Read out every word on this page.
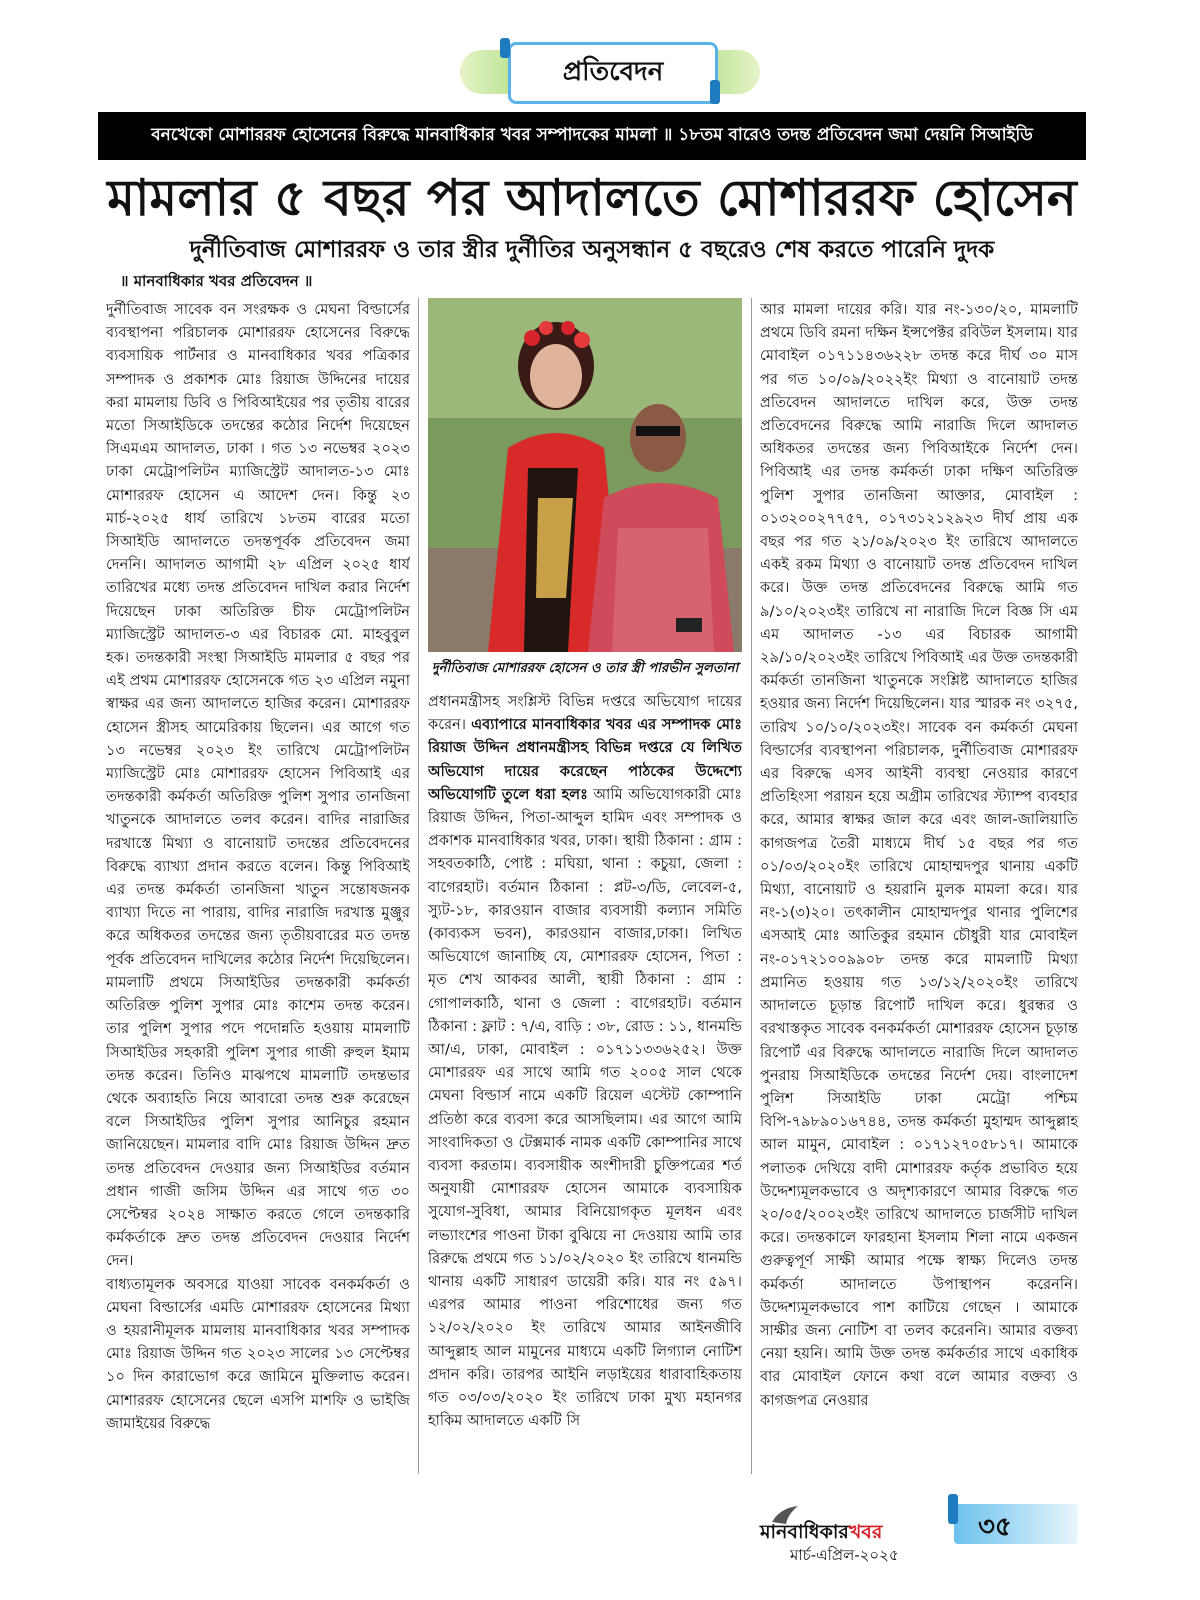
প্রতিবেদন
বনখেকো মোশাররফ হোসেনের বিরুদ্ধে মানবাধিকার খবর সম্পাদকের মামলা ॥ ১৮তম বারেও তদন্ত প্রতিবেদন জমা দেয়নি সিআইডি
মামলার ৫ বছর পর আদালতে মোশাররফ হোসেন
দুর্নীতিবাজ মোশাররফ ও তার স্ত্রীর দুর্নীতির অনুসন্ধান ৫ বছরেও শেষ করতে পারেনি দুদক
॥ মানবাধিকার খবর প্রতিবেদন ॥

দুর্নীতিবাজ সাবেক বন সংরক্ষক ও মেঘনা বিল্ডার্সের ব্যবস্থাপনা পরিচালক মোশাররফ হোসেনের বিরুদ্ধে ব্যবসায়িক পার্টনার ও মানবাধিকার খবর পত্রিকার সম্পাদক ও প্রকাশক মোঃ রিয়াজ উদ্দিনের দায়ের করা মামলায় ডিবি ও পিবিআইয়ের পর তৃতীয় বারের মতো সিআইডিকে তদন্তের কঠোর নির্দেশ দিয়েছেন সিএমএম আদালত, ঢাকা । গত ১৩ নভেম্বর ২০২৩ ঢাকা মেট্রোপলিটন ম্যাজিস্ট্রেট আদালত-১৩ মোঃ মোশাররফ হোসেন এ আদেশ দেন। কিন্তু ২৩ মার্চ-২০২৫ ধার্য তারিখে ১৮তম বারের মতো সিআইডি আদালতে তদন্তপূর্বক প্রতিবেদন জমা দেননি। আদালত আগামী ২৮ এপ্রিল ২০২৫ ধার্য তারিখের মধ্যে তদন্ত প্রতিবেদন দাখিল করার নির্দেশ দিয়েছেন ঢাকা অতিরিক্ত চীফ মেট্রোপলিটন ম্যাজিস্ট্রেট আদালত-৩ এর বিচারক মো. মাহবুবুল হক। তদন্তকারী সংস্থা সিআইডি মামলার ৫ বছর পর এই প্রথম মোশাররফ হোসেনকে গত ২৩ এপ্রিল নমুনা স্বাক্ষর এর জন্য আদালতে হাজির করেন। মোশাররফ হোসেন স্ত্রীসহ আমেরিকায় ছিলেন। এর আগে গত ১৩ নভেম্বর ২০২৩ ইং তারিখে মেট্রোপলিটন ম্যাজিস্ট্রেট মোঃ মোশাররফ হোসেন পিবিআই এর তদন্তকারী কর্মকর্তা অতিরিক্ত পুলিশ সুপার তানজিনা খাতুনকে আদালতে তলব করেন। বাদির নারাজির দরখাস্তে মিথ্যা ও বানোয়াট তদন্তের প্রতিবেদনের বিরুদ্ধে ব্যাখ্যা প্রদান করতে বলেন। কিন্তু পিবিআই এর তদন্ত কর্মকর্তা তানজিনা খাতুন সন্তোষজনক ব্যাখ্যা দিতে না পারায়, বাদির নারাজি দরখাস্ত মুঞ্জুর করে অধিকতর তদন্তের জন্য তৃতীয়বারের মত তদন্ত পূর্বক প্রতিবেদন দাখিলের কঠোর নির্দেশ দিয়েছিলেন। মামলাটি প্রথমে সিআইডির তদন্তকারী কর্মকর্তা অতিরিক্ত পুলিশ সুপার মোঃ কাশেম তদন্ত করেন। তার পুলিশ সুপার পদে পদোন্নতি হওয়ায় মামলাটি সিআইডির সহকারী পুলিশ সুপার গাজী রুহুল ইমাম তদন্ত করেন। তিনিও মাঝপথে মামলাটি তদন্তভার থেকে অব্যাহতি নিয়ে আবারো তদন্ত শুরু করেছেন বলে সিআইডির পুলিশ সুপার আনিচুর রহমান জানিয়েছেন। মামলার বাদি মোঃ রিয়াজ উদ্দিন দ্রুত তদন্ত প্রতিবেদন দেওয়ার জন্য সিআইডির বর্তমান প্রধান গাজী জসিম উদ্দিন এর সাথে গত ৩০ সেপ্টেম্বর ২০২৪ সাক্ষাত করতে গেলে তদন্তকারি কর্মকর্তাকে দ্রুত তদন্ত প্রতিবেদন দেওয়ার নির্দেশ দেন।

বাধ্যতামূলক অবসরে যাওয়া সাবেক বনকর্মকর্তা ও মেঘনা বিল্ডার্সের এমডি মোশাররফ হোসেনের মিথ্যা ও হয়রানীমূলক মামলায় মানবাধিকার খবর সম্পাদক মোঃ রিয়াজ উদ্দিন গত ২০২৩ সালের ১৩ সেপ্টেম্বর ১০ দিন কারাভোগ করে জামিনে মুক্তিলাভ করেন। মোশাররফ হোসেনের ছেলে এসপি মাশফি ও ভাইজি জামাইয়ের বিরুদ্ধে

দুর্নীতিবাজ মোশাররফ হোসেন ও তার স্ত্রী পারভীন সুলতানা

প্রধানমন্ত্রীসহ সংশ্লিস্ট বিভিন্ন দপ্তরে অভিযোগ দায়ের করেন। এব্যাপারে মানবাধিকার খবর এর সম্পাদক মোঃ রিয়াজ উদ্দিন প্রধানমন্ত্রীসহ বিভিন্ন দপ্তরে যে লিখিত অভিযোগ দায়ের করেছেন পাঠকের উদ্দেশ্যে অভিযোগটি তুলে ধরা হলঃ আমি অভিযোগকারী মোঃ রিয়াজ উদ্দিন, পিতা-আব্দুল হামিদ এবং সম্পাদক ও প্রকাশক মানবাধিকার খবর, ঢাকা। স্থায়ী ঠিকানা : গ্রাম : সহবতকাঠি, পোষ্ট : মঘিয়া, থানা : কচুয়া, জেলা : বাগেরহাট। বর্তমান ঠিকানা : প্লট-৩/ডি, লেবেল-৫, স্যুট-১৮, কারওয়ান বাজার ব্যবসায়ী কল্যান সমিতি (কাব্যকস ভবন), কারওয়ান বাজার,ঢাকা। লিখিত অভিযোগে জানাচ্ছি যে, মোশাররফ হোসেন, পিতা : মৃত শেখ আকবর আলী, স্থায়ী ঠিকানা : গ্রাম : গোপালকাঠি, থানা ও জেলা : বাগেরহাট। বর্তমান ঠিকানা : ফ্লাট : ৭/এ, বাড়ি : ৩৮, রোড : ১১, ধানমন্ডি আ/এ, ঢাকা, মোবাইল : ০১৭১১৩৩৬২৫২। উক্ত মোশাররফ এর সাথে আমি গত ২০০৫ সাল থেকে মেঘনা বিল্ডার্স নামে একটি রিয়েল এস্টেট কোম্পানি প্রতিষ্ঠা করে ব্যবসা করে আসছিলাম। এর আগে আমি সাংবাদিকতা ও টেক্সমার্ক নামক একটি কোম্পানির সাথে ব্যবসা করতাম। ব্যবসায়ীক অংশীদারী চুক্তিপত্রের শর্ত অনুযায়ী মোশাররফ হোসেন আমাকে ব্যবসায়িক সুযোগ-সুবিধা, আমার বিনিয়োগকৃত মূলধন এবং লভ্যাংশের পাওনা টাকা বুঝিয়ে না দেওয়ায় আমি তার রিরুদ্ধে প্রথমে গত ১১/০২/২০২০ ইং তারিখে ধানমন্ডি থানায় একটি সাধারণ ডায়েরী করি। যার নং ৫৯৭। এরপর আমার পাওনা পরিশোধের জন্য গত ১২/০২/২০২০ ইং তারিখে আমার আইনজীবি আব্দুল্লাহ আল মামুনের মাধ্যমে একটি লিগ্যাল নোটিশ প্রদান করি। তারপর আইনি লড়াইয়ের ধারাবাহিকতায় গত ০৩/০৩/২০২০ ইং তারিখে ঢাকা মুখ্য মহানগর হাকিম আদালতে একটি সি

আর মামলা দায়ের করি। যার নং-১৩০/২০, মামলাটি প্রথমে ডিবি রমনা দক্ষিন ইন্সপেক্টর রবিউল ইসলাম। যার মোবাইল ০১৭১১৪৩৬২২৮ তদন্ত করে দীর্ঘ ৩০ মাস পর গত ১০/০৯/২০২২ইং মিথ্যা ও বানোয়াট তদন্ত প্রতিবেদন আদালতে দাখিল করে, উক্ত তদন্ত প্রতিবেদনের বিরুদ্ধে আমি নারাজি দিলে আদালত অধিকতর তদন্তের জন্য পিবিআইকে নির্দেশ দেন। পিবিআই এর তদন্ত কর্মকর্তা ঢাকা দক্ষিণ অতিরিক্ত পুলিশ সুপার তানজিনা আক্তার, মোবাইল : ০১৩২০০২৭৭৫৭, ০১৭৩১২১২৯২৩ দীর্ঘ প্রায় এক বছর পর গত ২১/০৯/২০২৩ ইং তারিখে আদালতে একই রকম মিথ্যা ও বানোয়াট তদন্ত প্রতিবেদন দাখিল করে। উক্ত তদন্ত প্রতিবেদনের বিরুদ্ধে আমি গত ৯/১০/২০২৩ইং তারিখে না নারাজি দিলে বিজ্ঞ সি এম এম আদালত -১৩ এর বিচারক আগামী ২৯/১০/২০২৩ইং তারিখে পিবিআই এর উক্ত তদন্তকারী কর্মকর্তা তানজিনা খাতুনকে সংশ্লিষ্ট আদালতে হাজির হওয়ার জন্য নির্দেশ দিয়েছিলেন। যার স্মারক নং ৩২৭৫, তারিখ ১০/১০/২০২৩ইং। সাবেক বন কর্মকর্তা মেঘনা বিল্ডার্সের ব্যবস্থাপনা পরিচালক, দুর্নীতিবাজ মোশাররফ এর বিরুদ্ধে এসব আইনী ব্যবস্থা নেওয়ার কারণে প্রতিহিংসা পরায়ন হয়ে অগ্রীম তারিখের স্ট্যাম্প ব্যবহার করে, আমার স্বাক্ষর জাল করে এবং জাল-জালিয়াতি কাগজপত্র তৈরী মাধ্যমে দীর্ঘ ১৫ বছর পর গত ০১/০৩/২০২০ইং তারিখে মোহাম্মদপুর থানায় একটি মিথ্যা, বানোয়াট ও হয়রানি মুলক মামলা করে। যার নং-১(৩)২০। তৎকালীন মোহাম্মদপুর থানার পুলিশের এসআই মোঃ আতিকুর রহমান চৌধুরী যার মোবাইল নং-০১৭২১০০৯৯০৮ তদন্ত করে মামলাটি মিথ্যা প্রমানিত হওয়ায় গত ১৩/১২/২০২০ইং তারিখে আদালতে চূড়ান্ত রিপোর্ট দাখিল করে। ধুরন্ধর ও বরখাস্তকৃত সাবেক বনকর্মকর্তা মোশাররফ হোসেন চূড়ান্ত রিপোর্ট এর বিরুদ্ধে আদালতে নারাজি দিলে আদালত পুনরায় সিআইডিকে তদন্তের নির্দেশ দেয়। বাংলাদেশ পুলিশ সিআইডি ঢাকা মেট্রো পশ্চিম বিপি-৭৯৮৯০১৬৭৪৪, তদন্ত কর্মকর্তা মুহাম্মদ আব্দুল্লাহ আল মামুন, মোবাইল : ০১৭১২৭০৫৮১৭। আমাকে পলাতক দেখিয়ে বাদী মোশাররফ কর্তৃক প্রভাবিত হয়ে উদ্দেশ্যমূলকভাবে ও অদৃশ্যকারণে আমার বিরুদ্ধে গত ২০/০৫/২০০২৩ইং তারিখে আদালতে চার্জসীট দাখিল করে। তদন্তকালে ফারহানা ইসলাম শিলা নামে একজন গুরুত্বপূর্ণ সাক্ষী আমার পক্ষে স্বাক্ষ্য দিলেও তদন্ত কর্মকর্তা আদালতে উপাস্থাপন করেননি। উদ্দেশ্যমূলকভাবে পাশ কাটিয়ে গেছেন । আমাকে সাক্ষীর জন্য নোটিশ বা তলব করেননি। আমার বক্তব্য নেয়া হয়নি। আমি উক্ত তদন্ত কর্মকর্তার সাথে একাধিক বার মোবাইল ফোনে কথা বলে আমার বক্তব্য ও কাগজপত্র নেওয়ার

মানবাধিকারখবর
মার্চ-এপ্রিল-২০২৫
৩৫
